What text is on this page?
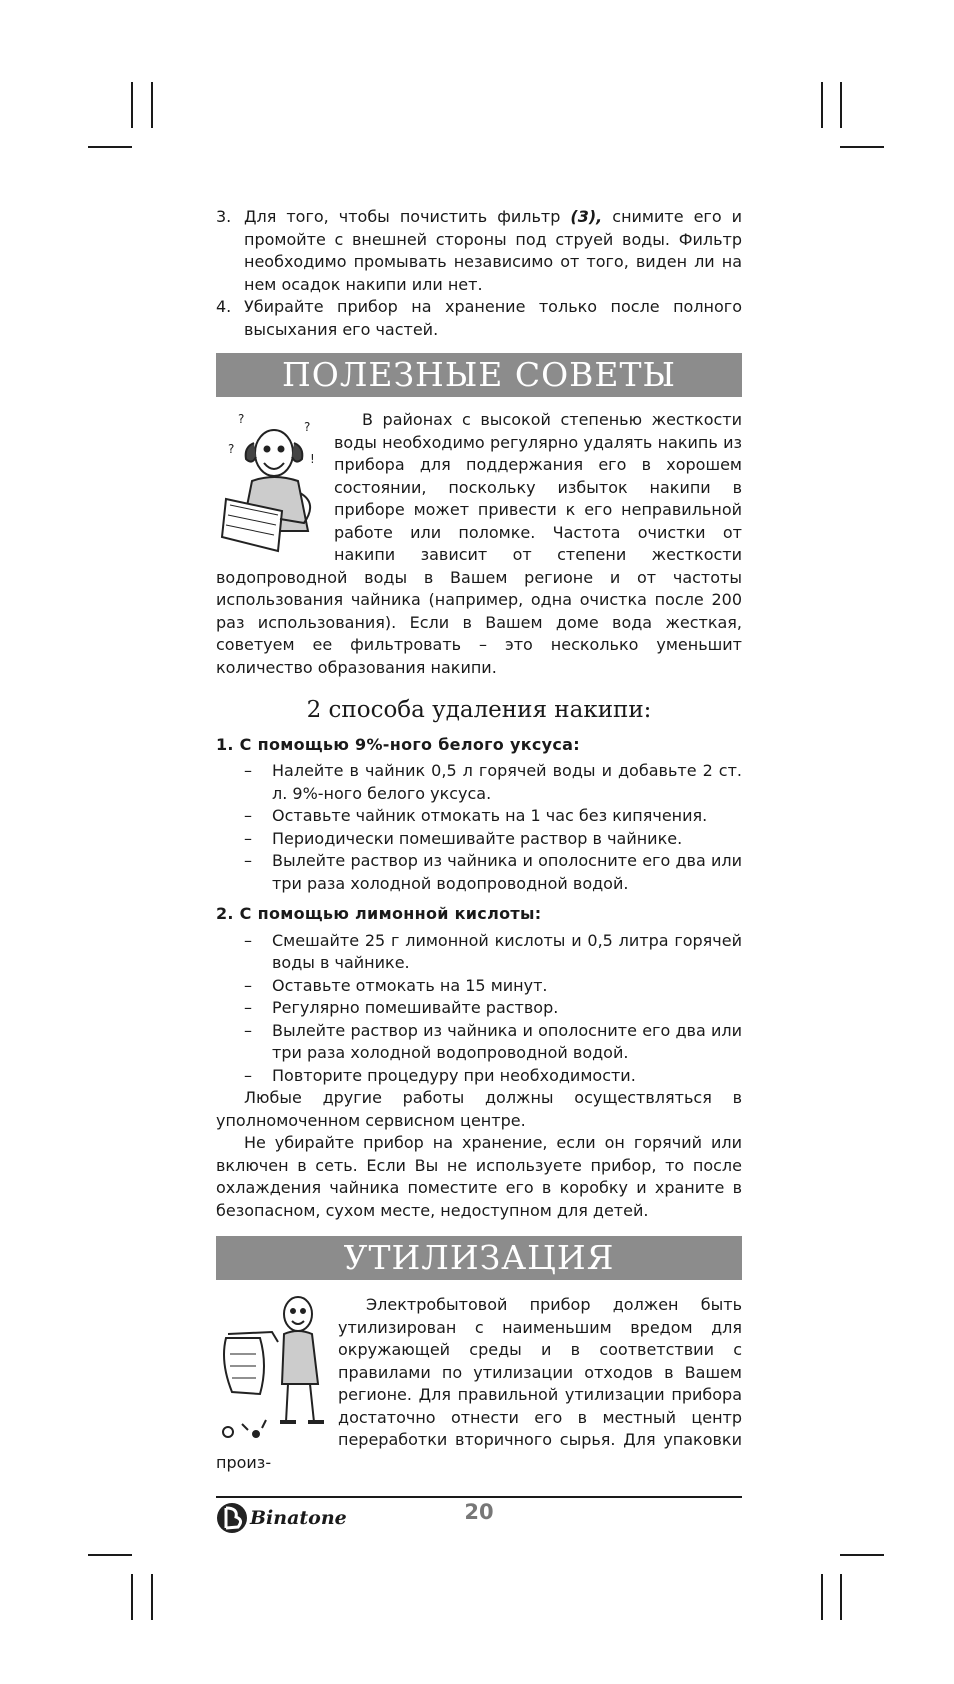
3. Для того, чтобы почистить фильтр (3), снимите его и промойте с внешней стороны под струей воды. Фильтр необходимо промывать независимо от того, виден ли на нем осадок накипи или нет.
4. Убирайте прибор на хранение только после полного высыхания его частей.
ПОЛЕЗНЫЕ СОВЕТЫ
?
?
!
?
В районах с высокой степенью жесткости воды необходимо регулярно удалять накипь из прибора для поддержания его в хорошем состоянии, поскольку избыток накипи в приборе может привести к его неправильной работе или поломке. Частота очистки от накипи зависит от степени жесткости водопроводной воды в Вашем регионе и от частоты использования чайника (например, одна очистка после 200 раз использования). Если в Вашем доме вода жесткая, советуем ее фильтровать – это несколько уменьшит количество образования накипи.
2 способа удаления накипи:
1. С помощью 9%-ного белого уксуса:
–	Налейте в чайник 0,5 л горячей воды и добавьте 2 ст. л. 9%-ного белого уксуса.
–	Оставьте чайник отмокать на 1 час без кипячения.
–	Периодически помешивайте раствор в чайнике.
–	Вылейте раствор из чайника и ополосните его два или три раза холодной водопроводной водой.
2. С помощью лимонной кислоты:
–	Смешайте 25 г лимонной кислоты и 0,5 литра горячей воды в чайнике.
–	Оставьте отмокать на 15 минут.
–	Регулярно помешивайте раствор.
–	Вылейте раствор из чайника и ополосните его два или три раза холодной водопроводной водой.
–	Повторите процедуру при необходимости.
Любые другие работы должны осуществляться в уполномоченном сервисном центре.
Не убирайте прибор на хранение, если он горячий или включен в сеть. Если Вы не используете прибор, то после охлаждения чайника поместите его в коробку и храните в безопасном, сухом месте, недоступном для детей.
УТИЛИЗАЦИЯ
Электробытовой прибор должен быть утилизирован с наименьшим вредом для окружающей среды и в соответствии с правилами по утилизации отходов в Вашем регионе. Для правильной утилизации прибора достаточно отнести его в местный центр переработки вторичного сырья. Для упаковки произ-
Binatone	20
